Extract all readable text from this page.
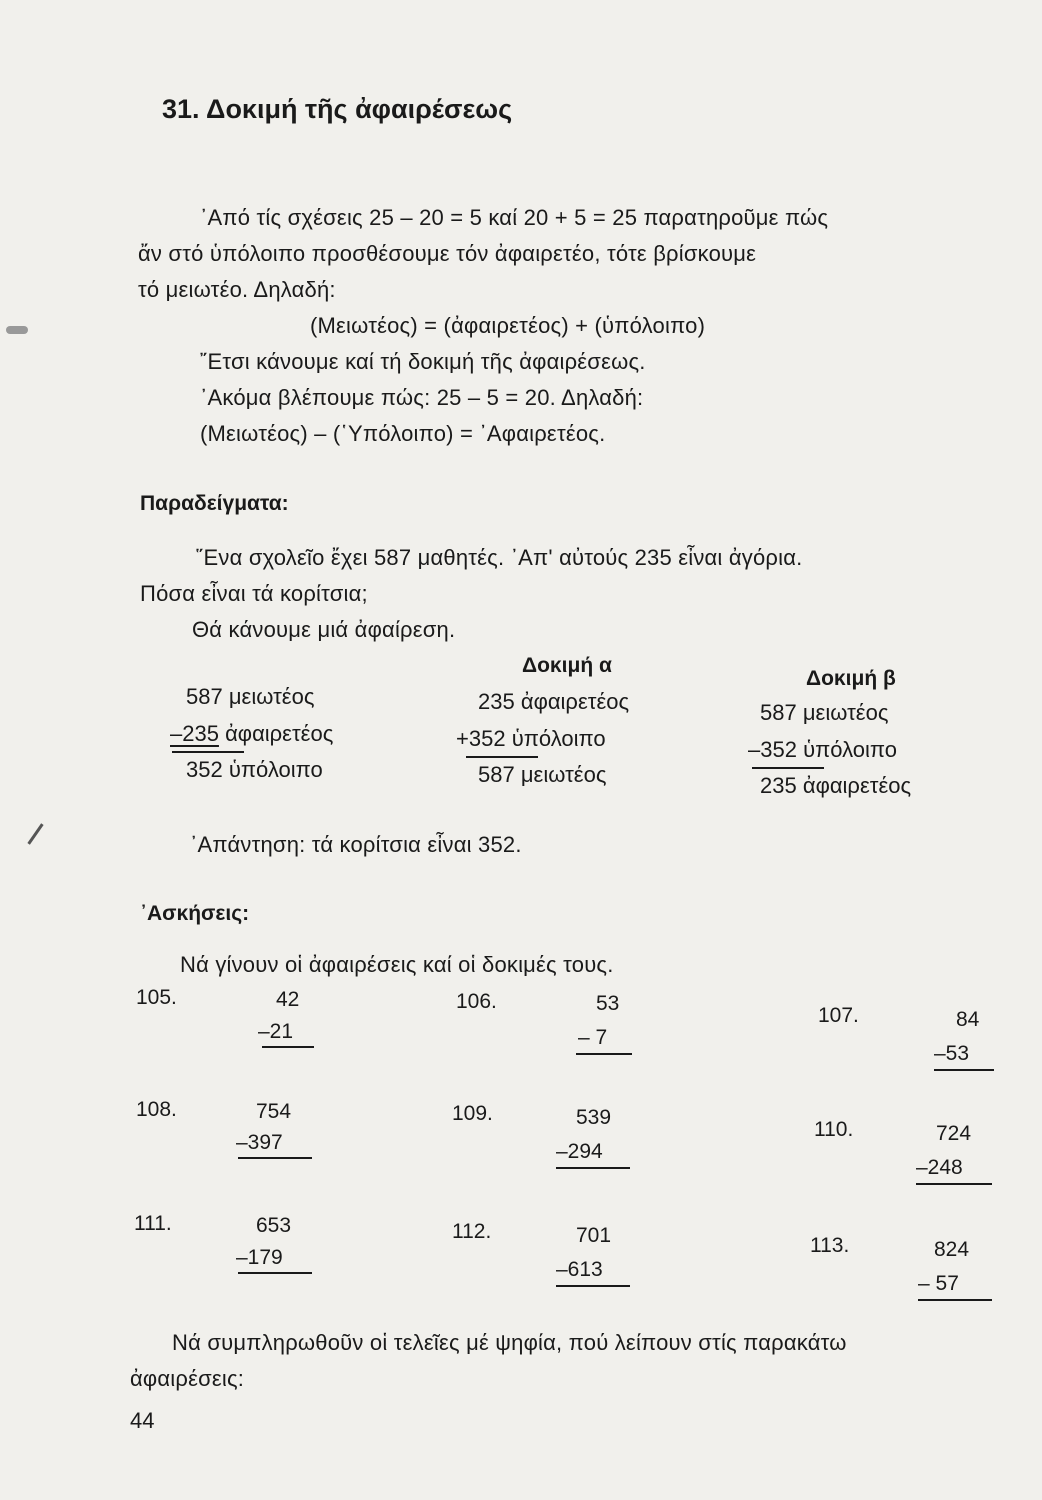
31. Δοκιμή τῆς ἀφαιρέσεως
᾿Από τίς σχέσεις 25 – 20 = 5 καί 20 + 5 = 25 παρατηροῦμε πώς
ἄν στό ὑπόλοιπο προσθέσουμε τόν ἀφαιρετέο, τότε βρίσκουμε
τό μειωτέο. Δηλαδή:
(Μειωτέος) = (ἀφαιρετέος) + (ὑπόλοιπο)
῎Ετσι κάνουμε καί τή δοκιμή τῆς ἀφαιρέσεως.
᾿Ακόμα βλέπουμε πώς: 25 – 5 = 20. Δηλαδή:
(Μειωτέος) – (῾Υπόλοιπο) = ᾿Αφαιρετέος.
Παραδείγματα:
῞Ενα σχολεῖο ἔχει 587 μαθητές. ᾿Απ' αὐτούς 235 εἶναι ἀγόρια.
Πόσα εἶναι τά κορίτσια;
Θά κάνουμε μιά ἀφαίρεση.
587 μειωτέος
–235 ἀφαιρετέος
352 ὑπόλοιπο
Δοκιμή α
235 ἀφαιρετέος
+352 ὑπόλοιπο
587 μειωτέος
Δοκιμή β
587 μειωτέος
–352 ὑπόλοιπο
235 ἀφαιρετέος
᾿Απάντηση: τά κορίτσια εἶναι 352.
᾿Ασκήσεις:
Νά γίνουν οἱ ἀφαιρέσεις καί οἱ δοκιμές τους.
105.	42
–21
106.	53
– 7
107.	84
–53
108.	754
–397
109.	539
–294
110.	724
–248
111.	653
–179
112.	701
–613
113.	824
– 57
Νά συμπληρωθοῦν οἱ τελεῖες μέ ψηφία, πού λείπουν στίς παρακάτω
ἀφαιρέσεις:
44
